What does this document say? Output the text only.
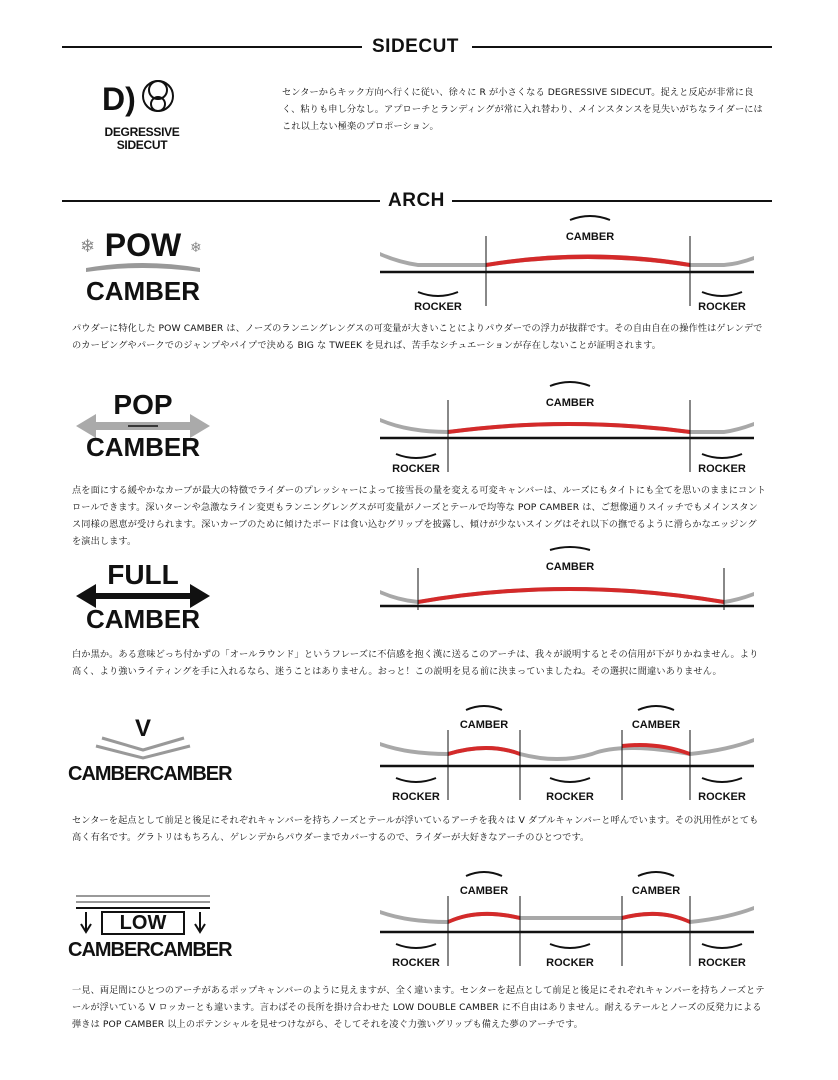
SIDECUT
D)
DEGRESSIVE
SIDECUT
センターからキック方向へ行くに従い、徐々に R が小さくなる DEGRESSIVE SIDECUT。捉えと反応が非常に良く、粘りも申し分なし。アプローチとランディングが常に入れ替わり、メインスタンスを見失いがちなライダーにはこれ以上ない極楽のプロポーション。
ARCH
❄	❄
POW
CAMBER
CAMBER
ROCKER	ROCKER
パウダーに特化した POW CAMBER は、ノーズのランニングレングスの可変量が大きいことによりパウダーでの浮力が抜群です。その自由自在の操作性はゲレンデでのカービングやパークでのジャンプやパイプで決める BIG な TWEEK を見れば、苦手なシチュエーションが存在しないことが証明されます。
POP
CAMBER
CAMBER
ROCKER	ROCKER
点を面にする緩やかなカーブが最大の特徴でライダーのプレッシャーによって接雪長の量を変える可変キャンバーは、ルーズにもタイトにも全てを思いのままにコントロールできます。深いターンや急激なライン変更もランニングレングスが可変量がノーズとテールで均等な POP CAMBER は、ご想像通りスイッチでもメインスタンス同様の恩恵が受けられます。深いカーブのために傾けたボードは食い込むグリップを披露し、傾けが少ないスイングはそれ以下の撫でるように滑らかなエッジングを演出します。
FULL
CAMBER
CAMBER
白か黒か。ある意味どっち付かずの「オールラウンド」というフレーズに不信感を抱く漢に送るこのアーチは、我々が説明するとその信用が下がりかねません。より高く、より強いライティングを手に入れるなら、迷うことはありません。おっと！この説明を見る前に決まっていましたね。その選択に間違いありません。
V
CAMBERCAMBER
CAMBER	CAMBER
ROCKER	ROCKER	ROCKER
センターを起点として前足と後足にそれぞれキャンバーを持ちノーズとテールが浮いているアーチを我々は V ダブルキャンバーと呼んでいます。その汎用性がとても高く有名です。グラトリはもちろん、ゲレンデからパウダーまでカバーするので、ライダーが大好きなアーチのひとつです。
LOW
CAMBERCAMBER
CAMBER	CAMBER
ROCKER	ROCKER	ROCKER
一見、両足間にひとつのアーチがあるポップキャンバーのように見えますが、全く違います。センターを起点として前足と後足にそれぞれキャンバーを持ちノーズとテールが浮いている V ロッカーとも違います。言わばその長所を掛け合わせた LOW DOUBLE CAMBER に不自由はありません。耐えるテールとノーズの反発力による弾きは POP CAMBER 以上のポテンシャルを見せつけながら、そしてそれを凌ぐ力強いグリップも備えた夢のアーチです。
